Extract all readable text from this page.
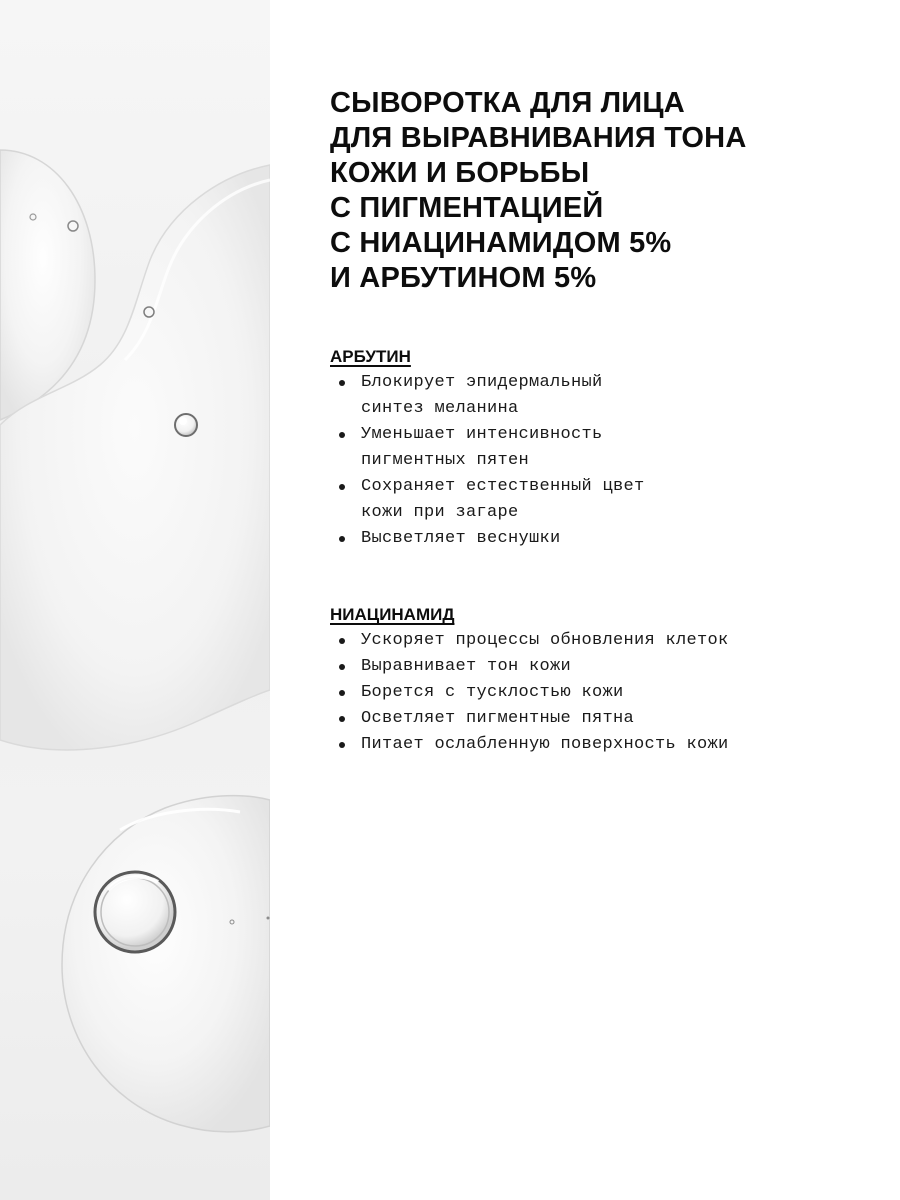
СЫВОРОТКА ДЛЯ ЛИЦА
ДЛЯ ВЫРАВНИВАНИЯ ТОНА
КОЖИ И БОРЬБЫ
С ПИГМЕНТАЦИЕЙ
С НИАЦИНАМИДОМ 5%
И АРБУТИНОМ 5%
АРБУТИН
Блокирует эпидермальный синтез меланина
Уменьшает интенсивность пигментных пятен
Сохраняет естественный цвет кожи при загаре
Высветляет веснушки
НИАЦИНАМИД
Ускоряет процессы обновления клеток
Выравнивает тон кожи
Борется с тусклостью кожи
Осветляет пигментные пятна
Питает ослабленную поверхность кожи
